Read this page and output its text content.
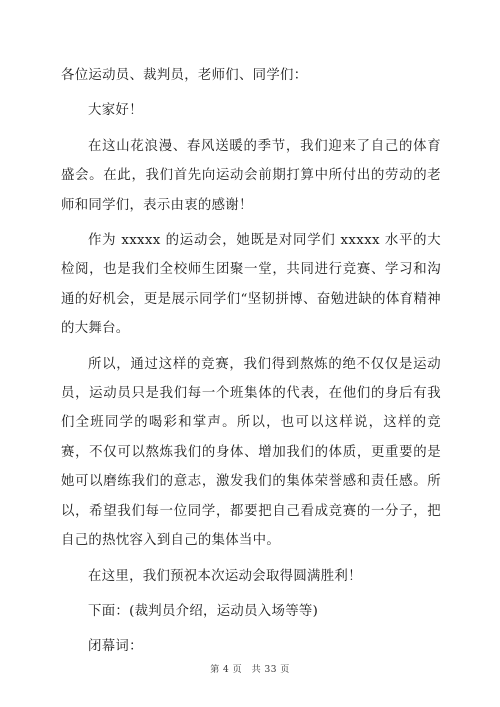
各位运动员、裁判员，老师们、同学们：

大家好！

在这山花浪漫、春风送暖的季节，我们迎来了自己的体育盛会。在此，我们首先向运动会前期打算中所付出的劳动的老师和同学们，表示由衷的感谢！

作为 xxxxx 的运动会，她既是对同学们 xxxxx 水平的大检阅，也是我们全校师生团聚一堂，共同进行竞赛、学习和沟通的好机会，更是展示同学们“坚韧拼博、奋勉进缺的体育精神的大舞台。

所以，通过这样的竞赛，我们得到熬炼的绝不仅仅是运动员，运动员只是我们每一个班集体的代表，在他们的身后有我们全班同学的喝彩和掌声。所以，也可以这样说，这样的竞赛，不仅可以熬炼我们的身体、增加我们的体质，更重要的是她可以磨练我们的意志，激发我们的集体荣誉感和责任感。所以，希望我们每一位同学，都要把自己看成竞赛的一分子，把自己的热忱容入到自己的集体当中。

在这里，我们预祝本次运动会取得圆满胜利！

下面：(裁判员介绍，运动员入场等等)

闭幕词：

第 4 页　共 33 页
